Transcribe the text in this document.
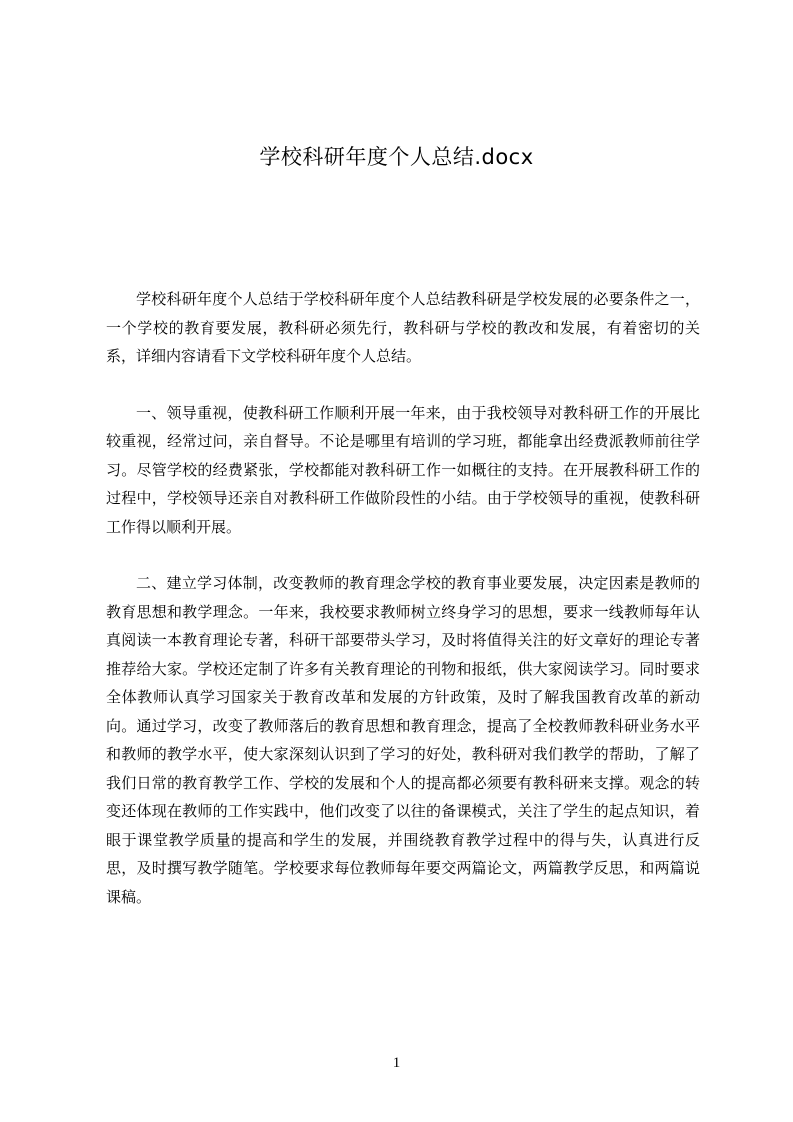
学校科研年度个人总结.docx

学校科研年度个人总结于学校科研年度个人总结教科研是学校发展的必要条件之一，一个学校的教育要发展，教科研必须先行，教科研与学校的教改和发展，有着密切的关系，详细内容请看下文学校科研年度个人总结。

一、领导重视，使教科研工作顺利开展一年来，由于我校领导对教科研工作的开展比较重视，经常过问，亲自督导。不论是哪里有培训的学习班，都能拿出经费派教师前往学习。尽管学校的经费紧张，学校都能对教科研工作一如概往的支持。在开展教科研工作的过程中，学校领导还亲自对教科研工作做阶段性的小结。由于学校领导的重视，使教科研工作得以顺利开展。

二、建立学习体制，改变教师的教育理念学校的教育事业要发展，决定因素是教师的教育思想和教学理念。一年来，我校要求教师树立终身学习的思想，要求一线教师每年认真阅读一本教育理论专著，科研干部要带头学习，及时将值得关注的好文章好的理论专著推荐给大家。学校还定制了许多有关教育理论的刊物和报纸，供大家阅读学习。同时要求全体教师认真学习国家关于教育改革和发展的方针政策，及时了解我国教育改革的新动向。通过学习，改变了教师落后的教育思想和教育理念，提高了全校教师教科研业务水平和教师的教学水平，使大家深刻认识到了学习的好处，教科研对我们教学的帮助，了解了我们日常的教育教学工作、学校的发展和个人的提高都必须要有教科研来支撑。观念的转变还体现在教师的工作实践中，他们改变了以往的备课模式，关注了学生的起点知识，着眼于课堂教学质量的提高和学生的发展，并围绕教育教学过程中的得与失，认真进行反思，及时撰写教学随笔。学校要求每位教师每年要交两篇论文，两篇教学反思，和两篇说课稿。

1
